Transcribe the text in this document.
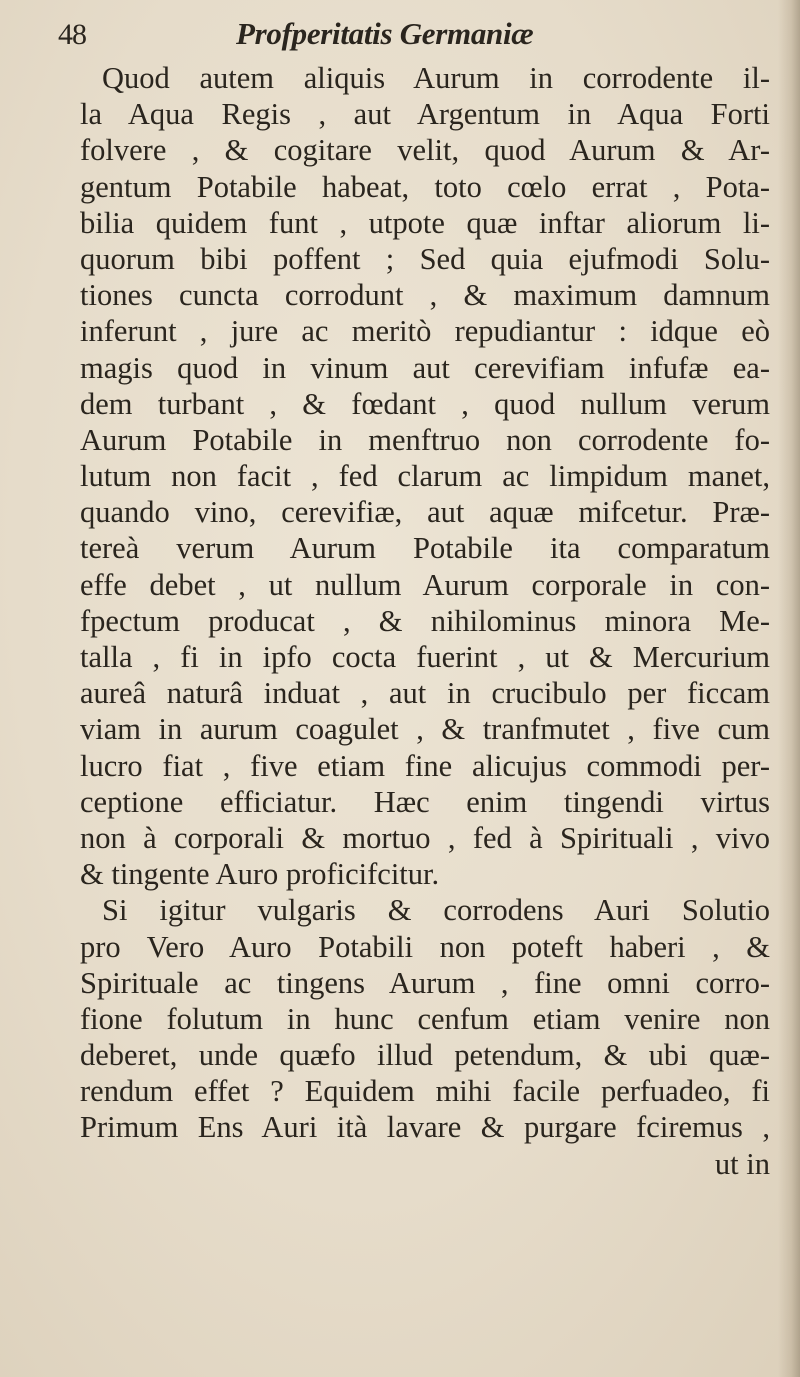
48	Profperitatis Germaniæ
Quod autem aliquis Aurum in corrodente il-
la Aqua Regis , aut Argentum in Aqua Forti
folvere , & cogitare velit, quod Aurum & Ar-
gentum Potabile habeat, toto cœlo errat , Pota-
bilia quidem funt , utpote quæ inftar aliorum li-
quorum bibi poffent ; Sed quia ejufmodi Solu-
tiones cuncta corrodunt , & maximum damnum
inferunt , jure ac meritò repudiantur : idque eò
magis quod in vinum aut cerevifiam infufæ ea-
dem turbant , & fœdant , quod nullum verum
Aurum Potabile in menftruo non corrodente fo-
lutum non facit , fed clarum ac limpidum manet,
quando vino, cerevifiæ, aut aquæ mifcetur. Præ-
tereà verum Aurum Potabile ita comparatum
effe debet , ut nullum Aurum corporale in con-
fpectum producat , & nihilominus minora Me-
talla , fi in ipfo cocta fuerint , ut & Mercurium
aureâ naturâ induat , aut in crucibulo per ficcam
viam in aurum coagulet , & tranfmutet , five cum
lucro fiat , five etiam fine alicujus commodi per-
ceptione efficiatur. Hæc enim tingendi virtus
non à corporali & mortuo , fed à Spirituali , vivo
& tingente Auro proficifcitur.
Si igitur vulgaris & corrodens Auri Solutio
pro Vero Auro Potabili non poteft haberi , &
Spirituale ac tingens Aurum , fine omni corro-
fione folutum in hunc cenfum etiam venire non
deberet, unde quæfo illud petendum, & ubi quæ-
rendum effet ? Equidem mihi facile perfuadeo, fi
Primum Ens Auri ità lavare & purgare fciremus ,
ut in
